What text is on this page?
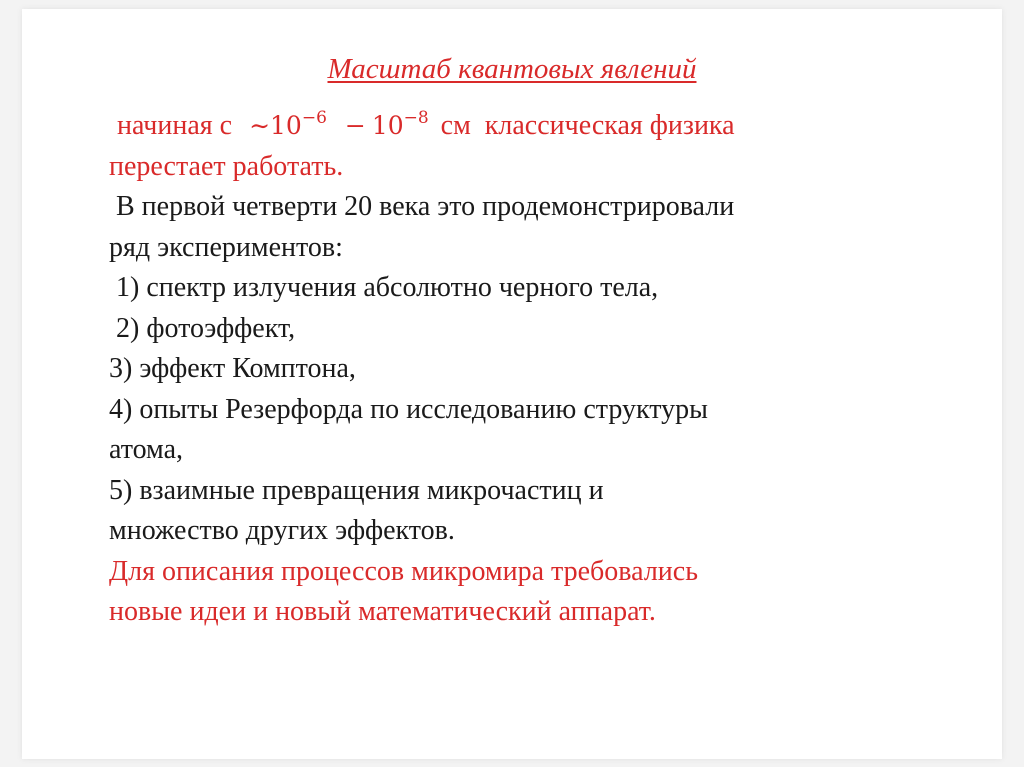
Масштаб квантовых явлений

начиная с $\sim 10^{-6} - 10^{-8}$ см  классическая физика
перестает работать.
В первой четверти 20 века это продемонстрировали
ряд экспериментов:
1) спектр излучения абсолютно черного тела,
2) фотоэффект,
3) эффект Комптона,
4) опыты Резерфорда по исследованию структуры
атома,
5) взаимные превращения микрочастиц и
множество других эффектов.
Для описания процессов микромира требовались
новые идеи и новый математический аппарат.
